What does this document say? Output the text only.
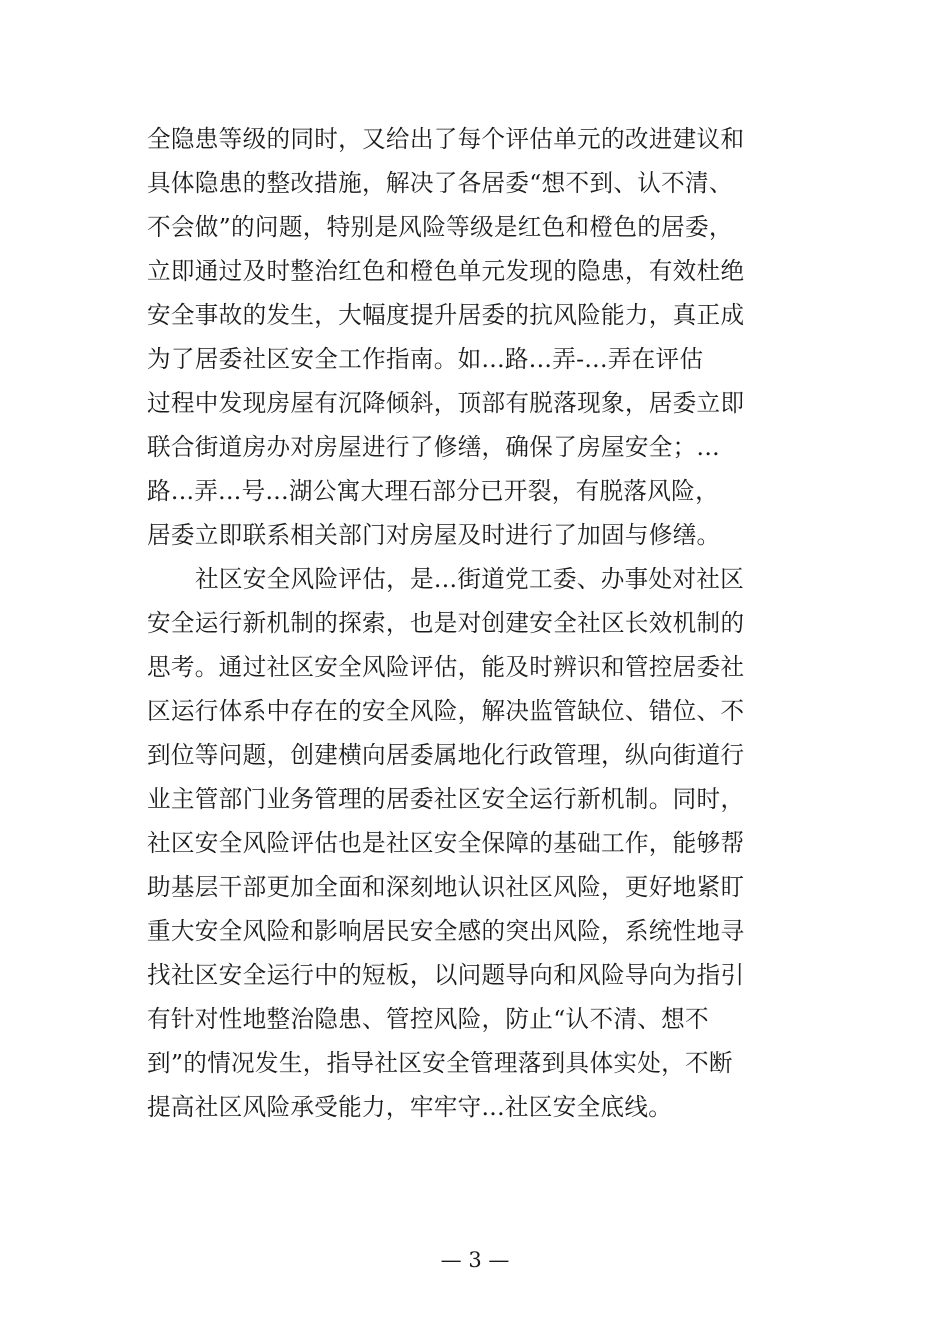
全隐患等级的同时，又给出了每个评估单元的改进建议和
具体隐患的整改措施，解决了各居委“想不到、认不清、
不会做”的问题，特别是风险等级是红色和橙色的居委，
立即通过及时整治红色和橙色单元发现的隐患，有效杜绝
安全事故的发生，大幅度提升居委的抗风险能力，真正成
为了居委社区安全工作指南。如...路...弄-...弄在评估
过程中发现房屋有沉降倾斜，顶部有脱落现象，居委立即
联合街道房办对房屋进行了修缮，确保了房屋安全；...
路...弄...号...湖公寓大理石部分已开裂，有脱落风险，
居委立即联系相关部门对房屋及时进行了加固与修缮。
社区安全风险评估，是...街道党工委、办事处对社区
安全运行新机制的探索，也是对创建安全社区长效机制的
思考。通过社区安全风险评估，能及时辨识和管控居委社
区运行体系中存在的安全风险，解决监管缺位、错位、不
到位等问题，创建横向居委属地化行政管理，纵向街道行
业主管部门业务管理的居委社区安全运行新机制。同时，
社区安全风险评估也是社区安全保障的基础工作，能够帮
助基层干部更加全面和深刻地认识社区风险，更好地紧盯
重大安全风险和影响居民安全感的突出风险，系统性地寻
找社区安全运行中的短板，以问题导向和风险导向为指引
有针对性地整治隐患、管控风险，防止“认不清、想不
到”的情况发生，指导社区安全管理落到具体实处，不断
提高社区风险承受能力，牢牢守...社区安全底线。
— 3 —
